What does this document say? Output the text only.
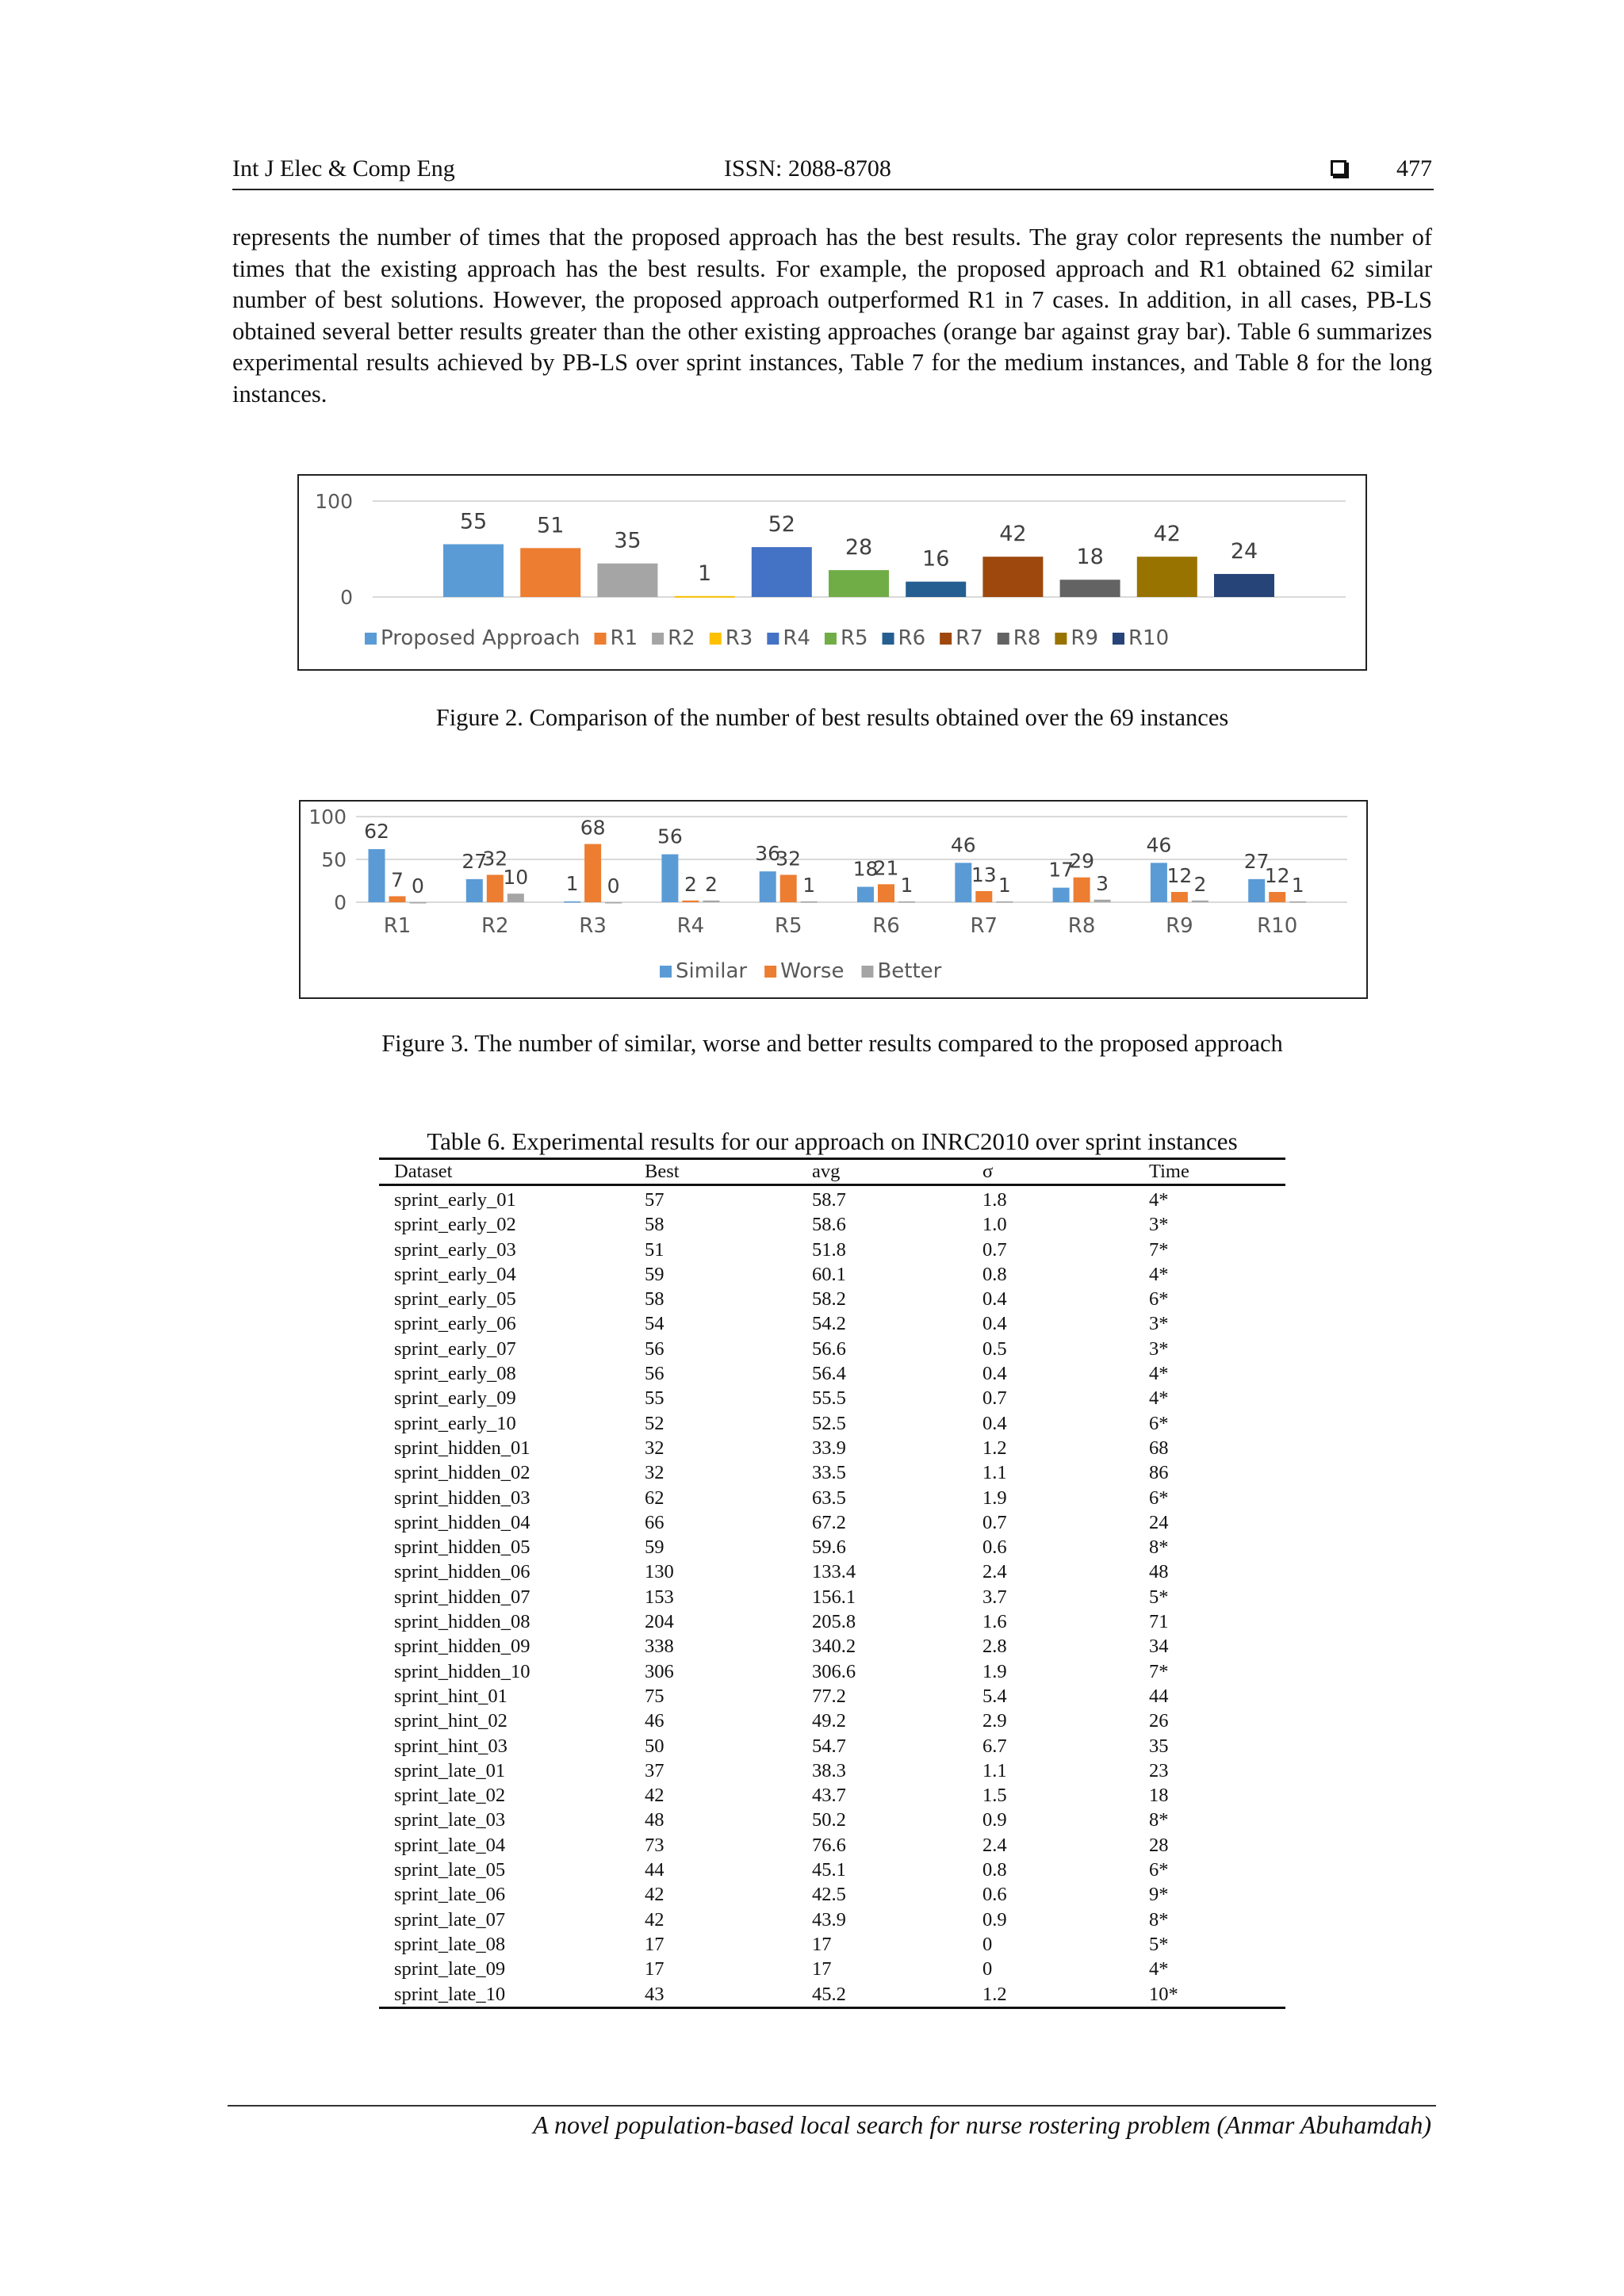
Int J Elec & Comp Eng	ISSN: 2088-8708	477
represents the number of times that the proposed approach has the best results. The gray color represents the number of times that the existing approach has the best results. For example, the proposed approach and R1 obtained 62 similar number of best solutions. However, the proposed approach outperformed R1 in 7 cases. In addition, in all cases, PB-LS obtained several better results greater than the other existing approaches (orange bar against gray bar). Table 6 summarizes experimental results achieved by PB-LS over sprint instances, Table 7 for the medium instances, and Table 8 for the long instances.
100
0
55 51
35
1
52
28 16
42
18
42
24
Proposed Approach R1 R2 R3 R4 R5 R6 R7 R8 R9 R10
Figure 2. Comparison of the number of best results obtained over the 69 instances
0
50
100
62
7 0
R1
27
32
10
R2
1
68
0
R3
56
2 2
R4
36
32
1
R5
18
21
1
R6
46
13 1
R7
17
29
3
R8
46
12 2
R9
27
12 1
R10
Similar Worse Better
Figure 3. The number of similar, worse and better results compared to the proposed approach
Table 6. Experimental results for our approach on INRC2010 over sprint instances
Dataset	Best	avg	σ	Time
sprint_early_01	57	58.7	1.8	4*
sprint_early_02	58	58.6	1.0	3*
sprint_early_03	51	51.8	0.7	7*
sprint_early_04	59	60.1	0.8	4*
sprint_early_05	58	58.2	0.4	6*
sprint_early_06	54	54.2	0.4	3*
sprint_early_07	56	56.6	0.5	3*
sprint_early_08	56	56.4	0.4	4*
sprint_early_09	55	55.5	0.7	4*
sprint_early_10	52	52.5	0.4	6*
sprint_hidden_01	32	33.9	1.2	68
sprint_hidden_02	32	33.5	1.1	86
sprint_hidden_03	62	63.5	1.9	6*
sprint_hidden_04	66	67.2	0.7	24
sprint_hidden_05	59	59.6	0.6	8*
sprint_hidden_06	130	133.4	2.4	48
sprint_hidden_07	153	156.1	3.7	5*
sprint_hidden_08	204	205.8	1.6	71
sprint_hidden_09	338	340.2	2.8	34
sprint_hidden_10	306	306.6	1.9	7*
sprint_hint_01	75	77.2	5.4	44
sprint_hint_02	46	49.2	2.9	26
sprint_hint_03	50	54.7	6.7	35
sprint_late_01	37	38.3	1.1	23
sprint_late_02	42	43.7	1.5	18
sprint_late_03	48	50.2	0.9	8*
sprint_late_04	73	76.6	2.4	28
sprint_late_05	44	45.1	0.8	6*
sprint_late_06	42	42.5	0.6	9*
sprint_late_07	42	43.9	0.9	8*
sprint_late_08	17	17	0	5*
sprint_late_09	17	17	0	4*
sprint_late_10	43	45.2	1.2	10*
A novel population-based local search for nurse rostering problem (Anmar Abuhamdah)
